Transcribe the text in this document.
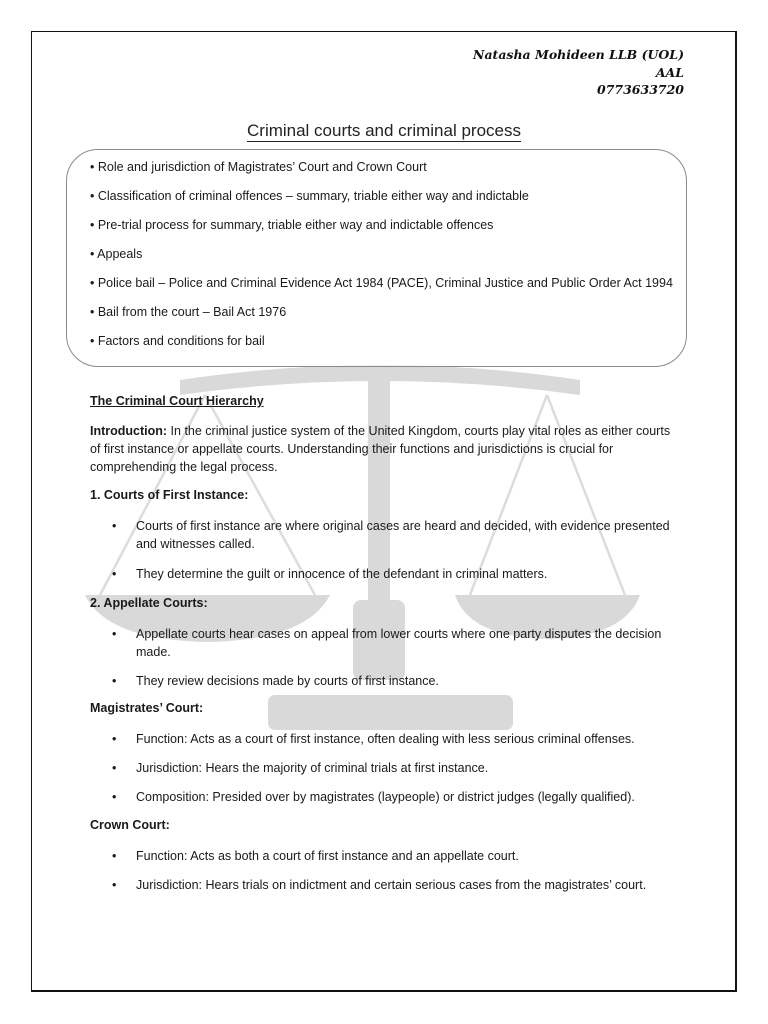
Natasha Mohideen LLB (UOL)
AAL
0773633720
Criminal courts and criminal process
• Role and jurisdiction of Magistrates’ Court and Crown Court
• Classification of criminal offences – summary, triable either way and indictable
• Pre-trial process for summary, triable either way and indictable offences
• Appeals
• Police bail – Police and Criminal Evidence Act 1984 (PACE), Criminal Justice and Public Order Act 1994
• Bail from the court – Bail Act 1976
• Factors and conditions for bail
The Criminal Court Hierarchy
Introduction: In the criminal justice system of the United Kingdom, courts play vital roles as either courts of first instance or appellate courts. Understanding their functions and jurisdictions is crucial for comprehending the legal process.
1. Courts of First Instance:
•	Courts of first instance are where original cases are heard and decided, with evidence presented and witnesses called.
•	They determine the guilt or innocence of the defendant in criminal matters.
2. Appellate Courts:
•	Appellate courts hear cases on appeal from lower courts where one party disputes the decision made.
•	They review decisions made by courts of first instance.
Magistrates’ Court:
•	Function: Acts as a court of first instance, often dealing with less serious criminal offenses.
•	Jurisdiction: Hears the majority of criminal trials at first instance.
•	Composition: Presided over by magistrates (laypeople) or district judges (legally qualified).
Crown Court:
•	Function: Acts as both a court of first instance and an appellate court.
•	Jurisdiction: Hears trials on indictment and certain serious cases from the magistrates’ court.
